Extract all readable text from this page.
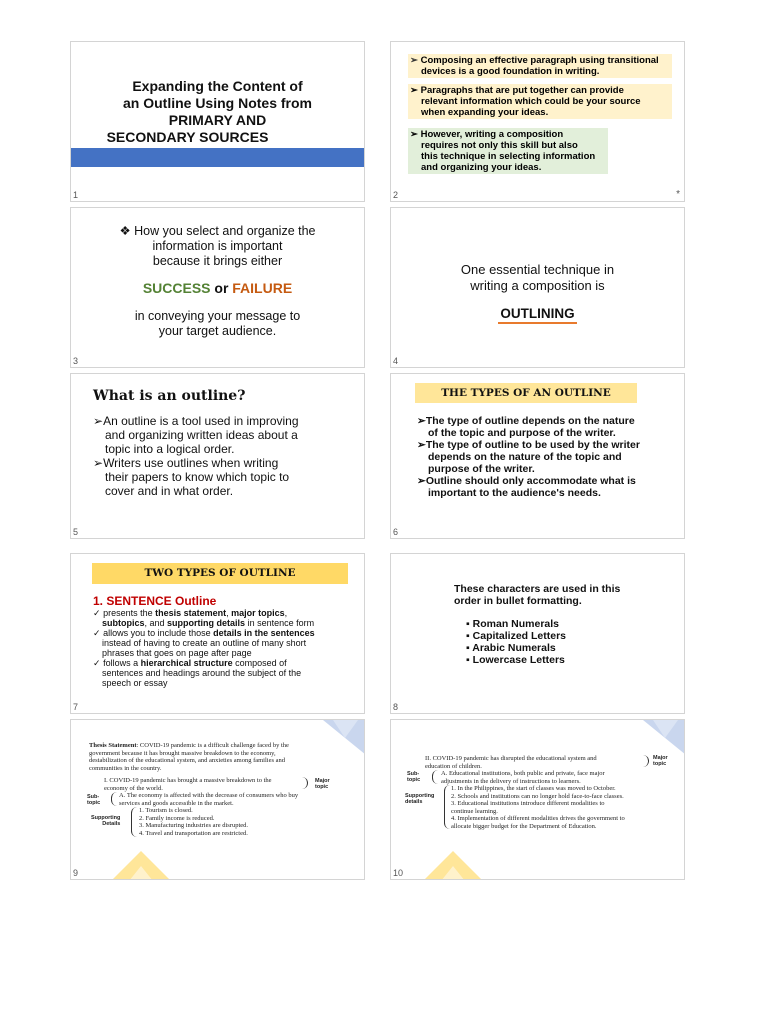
Expanding the Content of
an Outline Using Notes from
PRIMARY AND
SECONDARY SOURCES
1
➢ Composing an effective paragraph using transitional
devices is a good foundation in writing.
➢ Paragraphs that are put together can provide
relevant information which could be your source
when expanding your ideas.
➢ However, writing a composition
requires not only this skill but also
this technique in selecting information
and organizing your ideas.
2	*
❖ How you select and organize the
information is important
because it brings either
SUCCESS or FAILURE
in conveying your message to
your target audience.
3
One essential technique in
writing a composition is
OUTLINING
4
What is an outline?
➢An outline is a tool used in improving
and organizing written ideas about a
topic into a logical order.
➢Writers use outlines when writing
their papers to know which topic to
cover and in what order.
5
THE TYPES OF AN OUTLINE
➢The type of outline depends on the nature
of the topic and purpose of the writer.
➢The type of outline to be used by the writer
depends on the nature of the topic and
purpose of the writer.
➢Outline should only accommodate what is
important to the audience's needs.
6
TWO TYPES OF OUTLINE
1. SENTENCE Outline
✓ presents the thesis statement, major topics,
subtopics, and supporting details in sentence form
✓ allows you to include those details in the sentences
instead of having to create an outline of many short
phrases that goes on page after page
✓ follows a hierarchical structure composed of
sentences and headings around the subject of the
speech or essay
7
These characters are used in this
order in bullet formatting.
▪ Roman Numerals
▪ Capitalized Letters
▪ Arabic Numerals
▪ Lowercase Letters
8
Thesis Statement: COVID-19 pandemic is a difficult challenge faced by the
government because it has brought massive breakdown to the economy,
destabilization of the educational system, and anxieties among families and
communities in the country.
I. COVID-19 pandemic has brought a massive breakdown to the
economy of the world.
Major
topic
A. The economy is affected with the decrease of consumers who buy
services and goods accessible in the market.
Sub-
topic
1. Tourism is closed.
2. Family income is reduced.
3. Manufacturing industries are disrupted.
4. Travel and transportation are restricted.
Supporting
Details
9
II. COVID-19 pandemic has disrupted the educational system and
education of children.
Major
topic
A. Educational institutions, both public and private, face major
adjustments in the delivery of instructions to learners.
Sub-
topic
1. In the Philippines, the start of classes was moved to October.
2. Schools and institutions can no longer hold face-to-face classes.
3. Educational institutions introduce different modalities to
continue learning.
4. Implementation of different modalities drives the government to
allocate bigger budget for the Department of Education.
Supporting
details
10
